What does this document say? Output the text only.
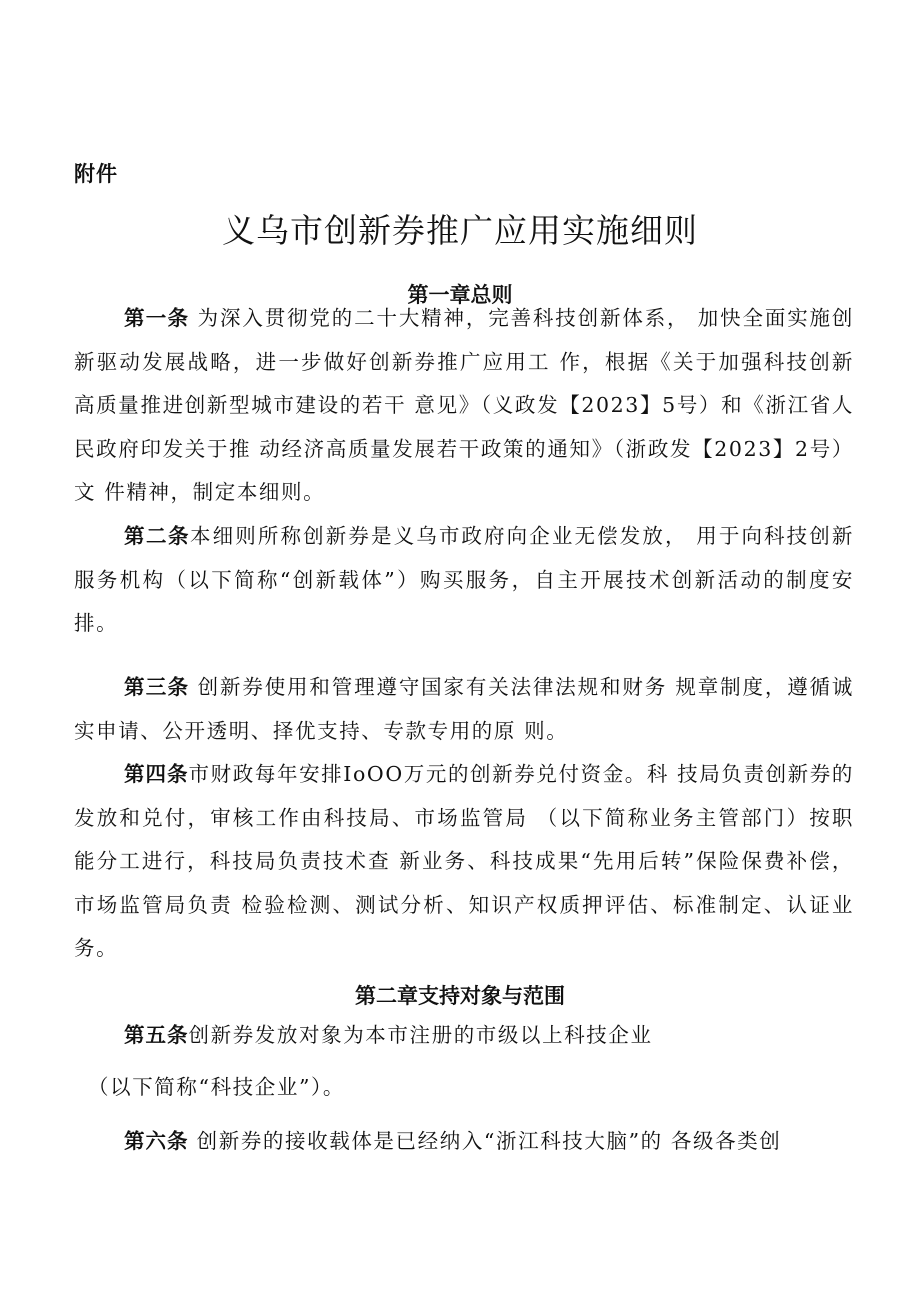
附件
义乌市创新券推广应用实施细则
第一章总则

第一条 为深入贯彻党的二十大精神，完善科技创新体系， 加快全面实施创新驱动发展战略，进一步做好创新券推广应用工 作，根据《关于加强科技创新高质量推进创新型城市建设的若干 意见》（义政发【2023】5号）和《浙江省人民政府印发关于推 动经济高质量发展若干政策的通知》（浙政发【2023】2号）文 件精神，制定本细则。

第二条本细则所称创新券是义乌市政府向企业无偿发放， 用于向科技创新服务机构（以下简称“创新载体”）购买服务，自主开展技术创新活动的制度安排。

第三条 创新券使用和管理遵守国家有关法律法规和财务 规章制度，遵循诚实申请、公开透明、择优支持、专款专用的原 则。

第四条市财政每年安排IoOO万元的创新券兑付资金。科 技局负责创新券的发放和兑付，审核工作由科技局、市场监管局 （以下简称业务主管部门）按职能分工进行，科技局负责技术查 新业务、科技成果“先用后转”保险保费补偿，市场监管局负责 检验检测、测试分析、知识产权质押评估、标准制定、认证业务。

第二章支持对象与范围

第五条创新券发放对象为本市注册的市级以上科技企业

（以下简称“科技企业”）。

第六条 创新券的接收载体是已经纳入“浙江科技大脑”的 各级各类创
